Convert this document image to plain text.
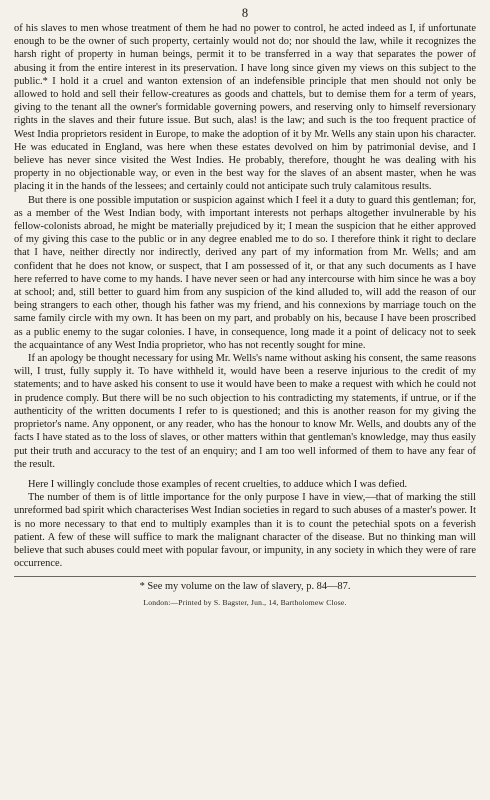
8

of his slaves to men whose treatment of them he had no power to control, he acted indeed as I, if unfortunate enough to be the owner of such property, certainly would not do; nor should the law, while it recognizes the harsh right of property in human beings, permit it to be transferred in a way that separates the power of abusing it from the entire interest in its preservation. I have long since given my views on this subject to the public.* I hold it a cruel and wanton extension of an indefensible principle that men should not only be allowed to hold and sell their fellow-creatures as goods and chattels, but to demise them for a term of years, giving to the tenant all the owner's formidable governing powers, and reserving only to himself reversionary rights in the slaves and their future issue. But such, alas! is the law; and such is the too frequent practice of West India proprietors resident in Europe, to make the adoption of it by Mr. Wells any stain upon his character. He was educated in England, was here when these estates devolved on him by patrimonial devise, and I believe has never since visited the West Indies. He probably, therefore, thought he was dealing with his property in no objectionable way, or even in the best way for the slaves of an absent master, when he was placing it in the hands of the lessees; and certainly could not anticipate such truly calamitous results.

But there is one possible imputation or suspicion against which I feel it a duty to guard this gentleman; for, as a member of the West Indian body, with important interests not perhaps altogether invulnerable by his fellow-colonists abroad, he might be materially prejudiced by it; I mean the suspicion that he either approved of my giving this case to the public or in any degree enabled me to do so. I therefore think it right to declare that I have, neither directly nor indirectly, derived any part of my information from Mr. Wells; and am confident that he does not know, or suspect, that I am possessed of it, or that any such documents as I have here referred to have come to my hands. I have never seen or had any intercourse with him since he was a boy at school; and, still better to guard him from any suspicion of the kind alluded to, will add the reason of our being strangers to each other, though his father was my friend, and his connexions by marriage touch on the same family circle with my own. It has been on my part, and probably on his, because I have been proscribed as a public enemy to the sugar colonies. I have, in consequence, long made it a point of delicacy not to seek the acquaintance of any West India proprietor, who has not recently sought for mine.

If an apology be thought necessary for using Mr. Wells's name without asking his consent, the same reasons will, I trust, fully supply it. To have withheld it, would have been a reserve injurious to the credit of my statements; and to have asked his consent to use it would have been to make a request with which he could not in prudence comply. But there will be no such objection to his contradicting my statements, if untrue, or if the authenticity of the written documents I refer to is questioned; and this is another reason for my giving the proprietor's name. Any opponent, or any reader, who has the honour to know Mr. Wells, and doubts any of the facts I have stated as to the loss of slaves, or other matters within that gentleman's knowledge, may thus easily put their truth and accuracy to the test of an enquiry; and I am too well informed of them to have any fear of the result.

Here I willingly conclude those examples of recent cruelties, to adduce which I was defied.

The number of them is of little importance for the only purpose I have in view,—that of marking the still unreformed bad spirit which characterises West Indian societies in regard to such abuses of a master's power. It is no more necessary to that end to multiply examples than it is to count the petechial spots on a feverish patient. A few of these will suffice to mark the malignant character of the disease. But no thinking man will believe that such abuses could meet with popular favour, or impunity, in any society in which they were of rare occurrence.

* See my volume on the law of slavery, p. 84—87.
London:—Printed by S. Bagster, Jun., 14, Bartholomew Close.
